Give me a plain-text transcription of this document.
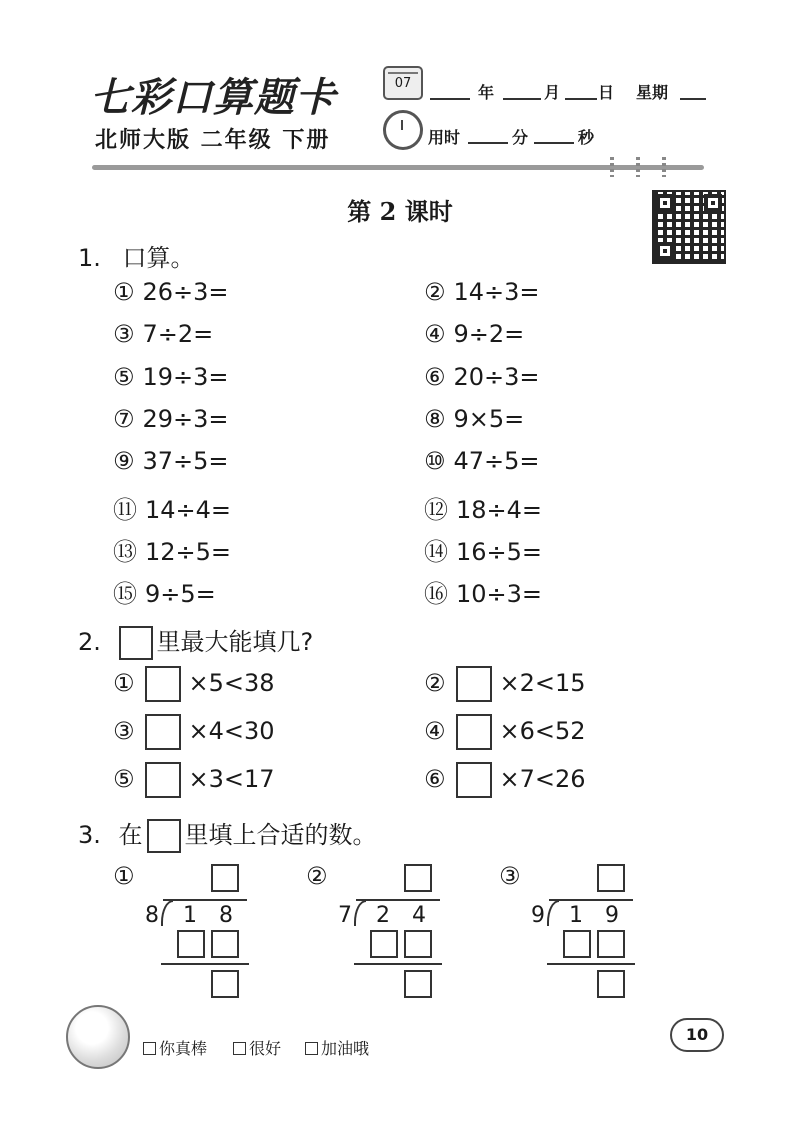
七彩口算题卡
北师大版 二年级 下册
07	年	月 日 星期
用时	分	秒
第 2 课时
1. 口算。
① 26÷3=	② 14÷3=
③ 7÷2=	④ 9÷2=
⑤ 19÷3=	⑥ 20÷3=
⑦ 29÷3=	⑧ 9×5=
⑨ 37÷5=	⑩ 47÷5=
⑪ 14÷4=	⑫ 18÷4=
⑬ 12÷5=	⑭ 16÷5=
⑮ 9÷5=	⑯ 10÷3=
2. 里最大能填几?
① ×5<38	② ×2<15
③ ×4<30	④ ×6<52
⑤ ×3<17	⑥ ×7<26
3. 在 里填上合适的数。
①
8 1 8
②
7 2 4
③
9 1 9
你真棒	很好	加油哦
10
